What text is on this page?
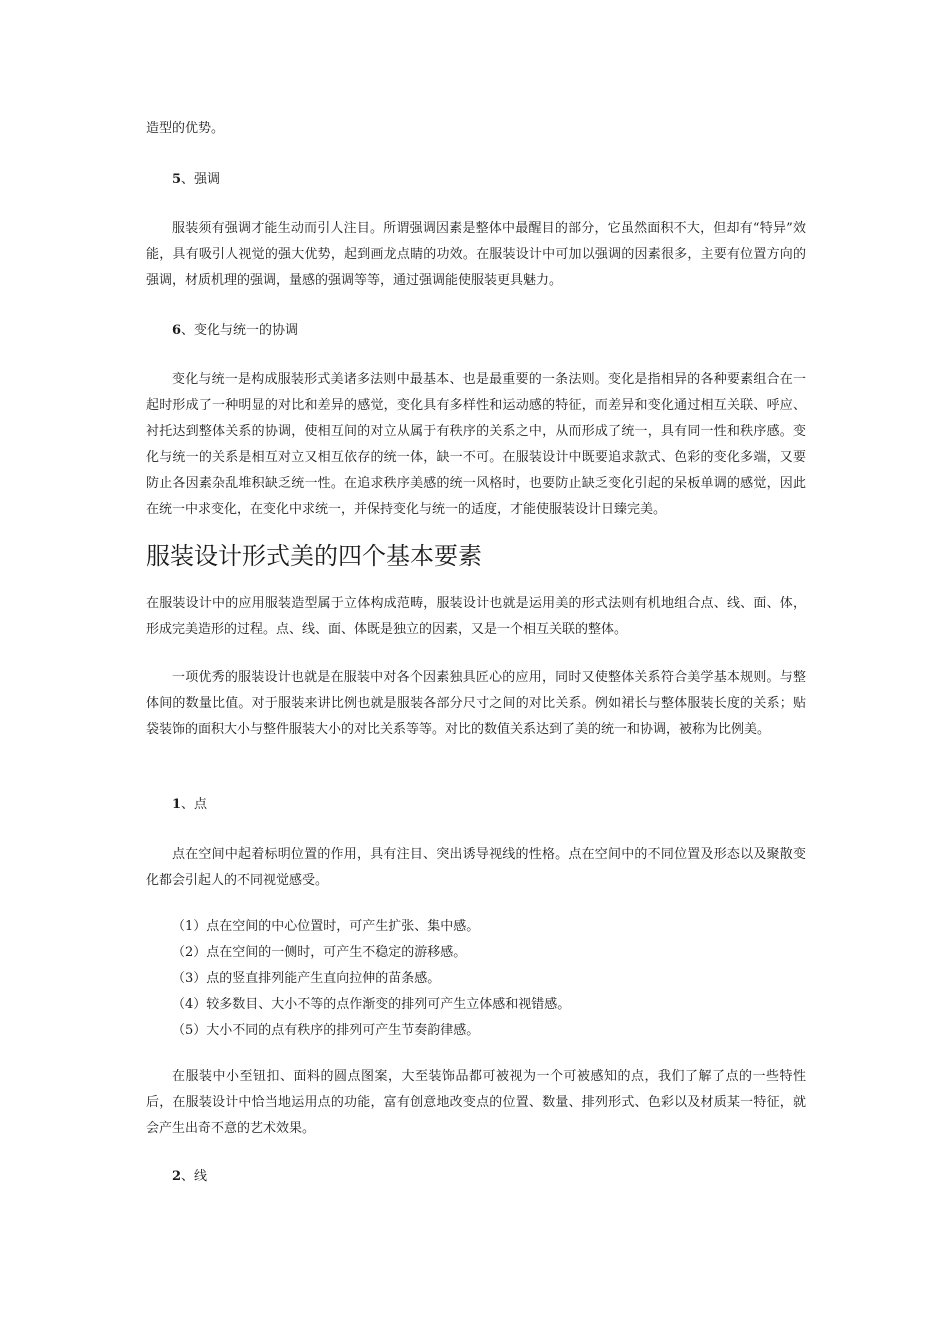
造型的优势。

5、强调

服装须有强调才能生动而引人注目。所谓强调因素是整体中最醒目的部分，它虽然面积不大，但却有“特异”效能，具有吸引人视觉的强大优势，起到画龙点睛的功效。在服装设计中可加以强调的因素很多，主要有位置方向的强调，材质机理的强调，量感的强调等等，通过强调能使服装更具魅力。

6、变化与统一的协调

变化与统一是构成服装形式美诸多法则中最基本、也是最重要的一条法则。变化是指相异的各种要素组合在一起时形成了一种明显的对比和差异的感觉，变化具有多样性和运动感的特征，而差异和变化通过相互关联、呼应、衬托达到整体关系的协调，使相互间的对立从属于有秩序的关系之中，从而形成了统一，具有同一性和秩序感。变化与统一的关系是相互对立又相互依存的统一体，缺一不可。在服装设计中既要追求款式、色彩的变化多端，又要防止各因素杂乱堆积缺乏统一性。在追求秩序美感的统一风格时，也要防止缺乏变化引起的呆板单调的感觉，因此在统一中求变化，在变化中求统一，并保持变化与统一的适度，才能使服装设计日臻完美。

服装设计形式美的四个基本要素

在服装设计中的应用服装造型属于立体构成范畴，服装设计也就是运用美的形式法则有机地组合点、线、面、体，形成完美造形的过程。点、线、面、体既是独立的因素，又是一个相互关联的整体。

一项优秀的服装设计也就是在服装中对各个因素独具匠心的应用，同时又使整体关系符合美学基本规则。与整体间的数量比值。对于服装来讲比例也就是服装各部分尺寸之间的对比关系。例如裙长与整体服装长度的关系；贴袋装饰的面积大小与整件服装大小的对比关系等等。对比的数值关系达到了美的统一和协调，被称为比例美。

1、点

点在空间中起着标明位置的作用，具有注目、突出诱导视线的性格。点在空间中的不同位置及形态以及聚散变化都会引起人的不同视觉感受。

（1）点在空间的中心位置时，可产生扩张、集中感。
（2）点在空间的一侧时，可产生不稳定的游移感。
（3）点的竖直排列能产生直向拉伸的苗条感。
（4）较多数目、大小不等的点作渐变的排列可产生立体感和视错感。
（5）大小不同的点有秩序的排列可产生节奏韵律感。

在服装中小至钮扣、面料的圆点图案，大至装饰品都可被视为一个可被感知的点，我们了解了点的一些特性后，在服装设计中恰当地运用点的功能，富有创意地改变点的位置、数量、排列形式、色彩以及材质某一特征，就会产生出奇不意的艺术效果。

2、线
